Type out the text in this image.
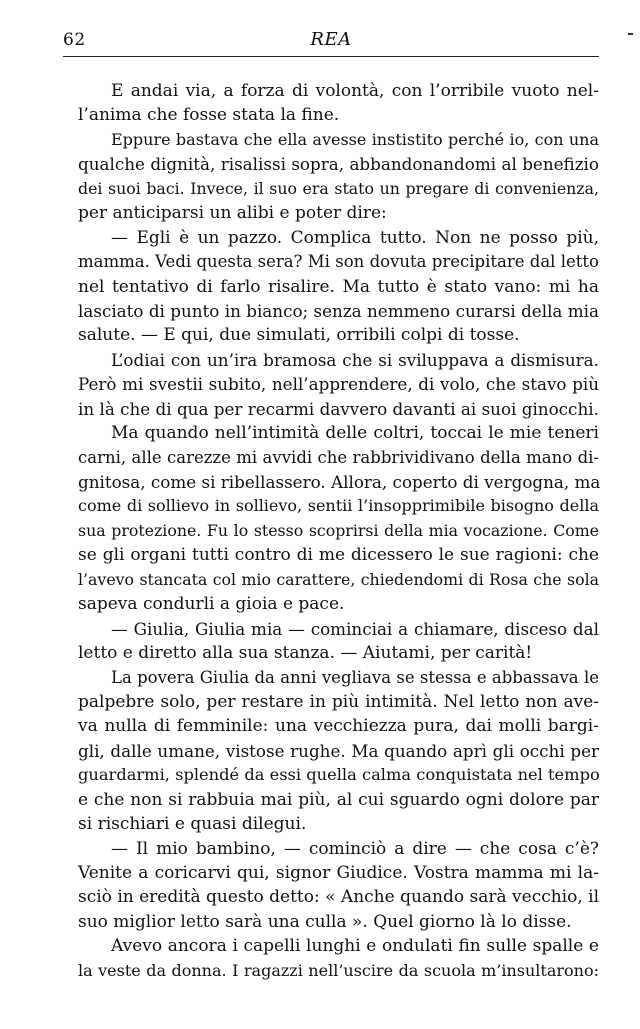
62	REA
E andai via, a forza di volontà, con l’orribile vuoto nel-
l’anima che fosse stata la fine.
Eppure bastava che ella avesse instistito perché io, con una
qualche dignità, risalissi sopra, abbandonandomi al benefizio
dei suoi baci. Invece, il suo era stato un pregare di convenienza,
per anticiparsi un alibi e poter dire:
— Egli è un pazzo. Complica tutto. Non ne posso più,
mamma. Vedi questa sera? Mi son dovuta precipitare dal letto
nel tentativo di farlo risalire. Ma tutto è stato vano: mi ha
lasciato di punto in bianco; senza nemmeno curarsi della mia
salute. — E qui, due simulati, orribili colpi di tosse.
L’odiai con un’ira bramosa che si sviluppava a dismisura.
Però mi svestii subito, nell’apprendere, di volo, che stavo più
in là che di qua per recarmi davvero davanti ai suoi ginocchi.
Ma quando nell’intimità delle coltri, toccai le mie teneri
carni, alle carezze mi avvidi che rabbrividivano della mano di-
gnitosa, come si ribellassero. Allora, coperto di vergogna, ma
come di sollievo in sollievo, sentii l’insopprimibile bisogno della
sua protezione. Fu lo stesso scoprirsi della mia vocazione. Come
se gli organi tutti contro di me dicessero le sue ragioni: che
l’avevo stancata col mio carattere, chiedendomi di Rosa che sola
sapeva condurli a gioia e pace.
— Giulia, Giulia mia — cominciai a chiamare, disceso dal
letto e diretto alla sua stanza. — Aiutami, per carità!
La povera Giulia da anni vegliava se stessa e abbassava le
palpebre solo, per restare in più intimità. Nel letto non ave-
va nulla di femminile: una vecchiezza pura, dai molli bargi-
gli, dalle umane, vistose rughe. Ma quando aprì gli occhi per
guardarmi, splendé da essi quella calma conquistata nel tempo
e che non si rabbuia mai più, al cui sguardo ogni dolore par
si rischiari e quasi dilegui.
— Il mio bambino, — cominciò a dire — che cosa c’è?
Venite a coricarvi qui, signor Giudice. Vostra mamma mi la-
sciò in eredità questo detto: « Anche quando sarà vecchio, il
suo miglior letto sarà una culla ». Quel giorno là lo disse.
Avevo ancora i capelli lunghi e ondulati fin sulle spalle e
la veste da donna. I ragazzi nell’uscire da scuola m’insultarono:
